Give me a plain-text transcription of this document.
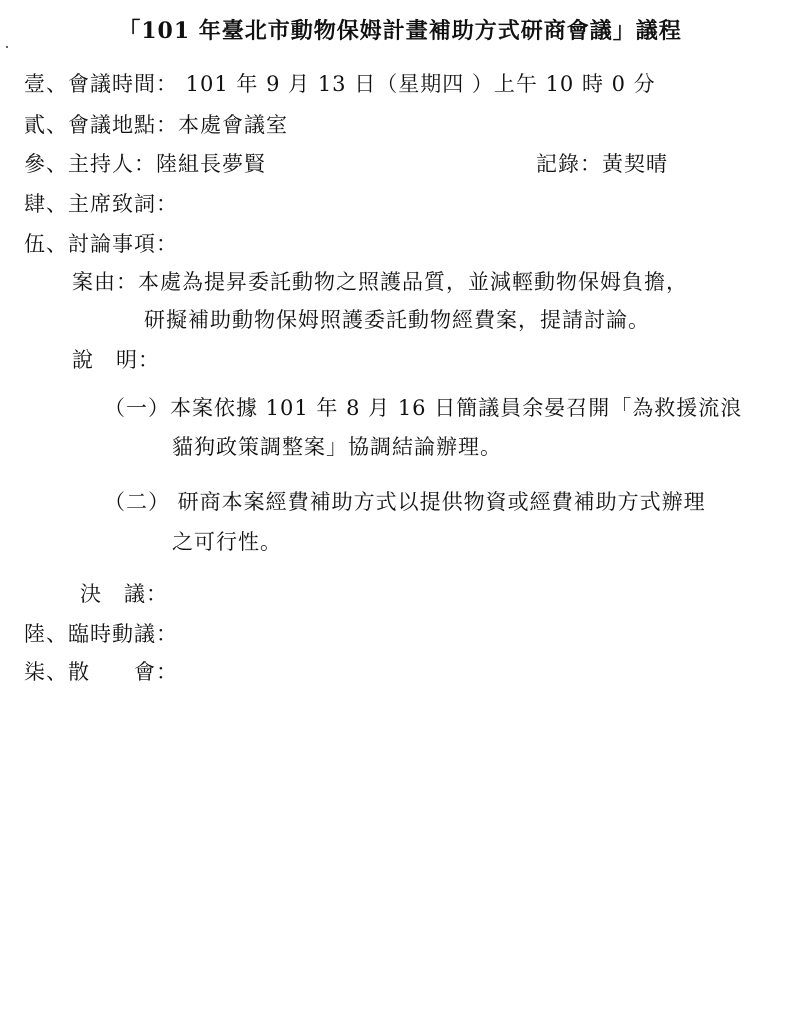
「101 年臺北市動物保姆計畫補助方式研商會議」議程
壹、會議時間： 101 年 9 月 13 日（星期四 ）上午 10 時 0 分
貳、會議地點：本處會議室
參、主持人：陸組長夢賢	記錄：黃契晴
肆、主席致詞：
伍、討論事項：
案由：本處為提昇委託動物之照護品質，並減輕動物保姆負擔，
研擬補助動物保姆照護委託動物經費案，提請討論。
說　明：
（一）本案依據 101 年 8 月 16 日簡議員余晏召開「為救援流浪
貓狗政策調整案」協調結論辦理。
（二） 研商本案經費補助方式以提供物資或經費補助方式辦理
之可行性。
決　議：
陸、臨時動議：
柒、散　　會：
